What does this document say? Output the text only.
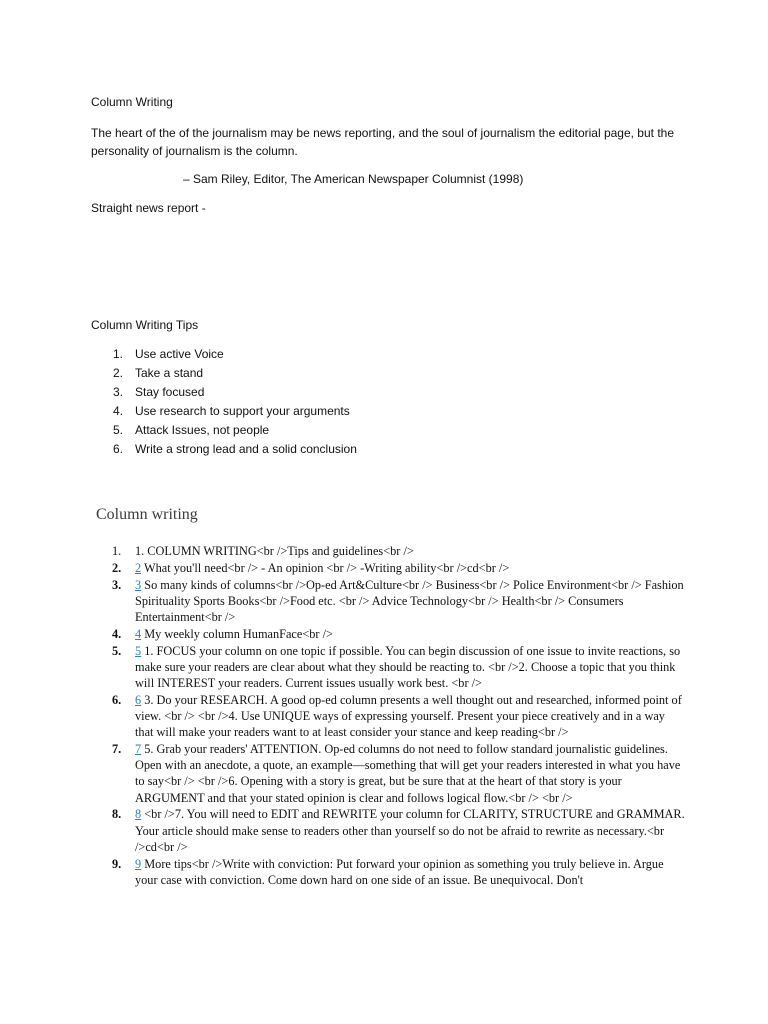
Column Writing
The heart of the of the journalism may be news reporting, and the soul of journalism the editorial page, but the personality of journalism is the column.
– Sam Riley, Editor, The American Newspaper Columnist (1998)
Straight news report -
Column Writing Tips
1. Use active Voice
2. Take a stand
3. Stay focused
4. Use research to support your arguments
5. Attack Issues, not people
6. Write a strong lead and a solid conclusion
Column writing
1. 1. COLUMN WRITING<br />Tips and guidelines<br />
2. 2 What you'll need<br /> - An opinion <br /> -Writing ability<br />cd<br />
3. 3 So many kinds of columns<br />Op-ed Art&Culture<br /> Business<br /> Police Environment<br /> Fashion Spirituality Sports Books<br />Food etc. <br /> Advice Technology<br /> Health<br /> Consumers Entertainment<br />
4. 4 My weekly column HumanFace<br />
5. 5 1. FOCUS your column on one topic if possible. You can begin discussion of one issue to invite reactions, so make sure your readers are clear about what they should be reacting to. <br />2. Choose a topic that you think will INTEREST your readers. Current issues usually work best. <br />
6. 6 3. Do your RESEARCH. A good op-ed column presents a well thought out and researched, informed point of view. <br /> <br />4. Use UNIQUE ways of expressing yourself. Present your piece creatively and in a way that will make your readers want to at least consider your stance and keep reading<br />
7. 7 5. Grab your readers' ATTENTION. Op-ed columns do not need to follow standard journalistic guidelines. Open with an anecdote, a quote, an example—something that will get your readers interested in what you have to say<br /> <br />6. Opening with a story is great, but be sure that at the heart of that story is your ARGUMENT and that your stated opinion is clear and follows logical flow.<br /> <br />
8. 8 <br />7. You will need to EDIT and REWRITE your column for CLARITY, STRUCTURE and GRAMMAR. Your article should make sense to readers other than yourself so do not be afraid to rewrite as necessary.<br />cd<br />
9. 9 More tips<br />Write with conviction: Put forward your opinion as something you truly believe in. Argue your case with conviction. Come down hard on one side of an issue. Be unequivocal. Don't
